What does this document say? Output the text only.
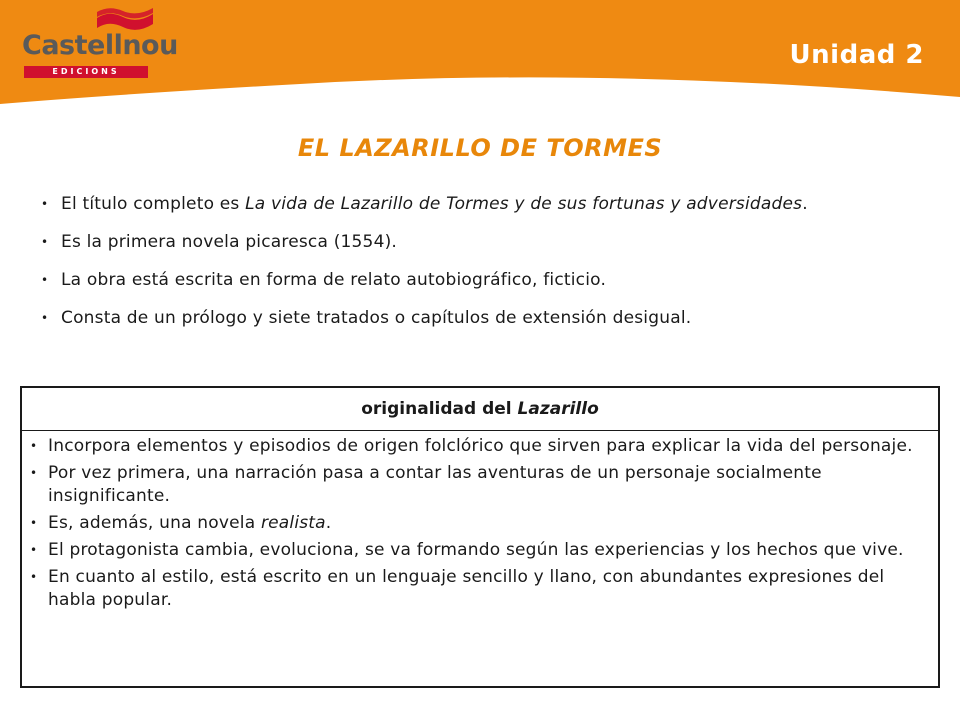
Castellnou
EDICIONS
Unidad 2
EL LAZARILLO DE TORMES
• El título completo es La vida de Lazarillo de Tormes y de sus fortunas y adversidades.
• Es la primera novela picaresca (1554).
• La obra está escrita en forma de relato autobiográfico, ficticio.
• Consta de un prólogo y siete tratados o capítulos de extensión desigual.
originalidad del Lazarillo
• Incorpora elementos y episodios de origen folclórico que sirven para explicar la vida del personaje.
• Por vez primera, una narración pasa a contar las aventuras de un personaje socialmente insignificante.
• Es, además, una novela realista.
• El protagonista cambia, evoluciona, se va formando según las experiencias y los hechos que vive.
• En cuanto al estilo, está escrito en un lenguaje sencillo y llano, con abundantes expresiones del habla popular.
